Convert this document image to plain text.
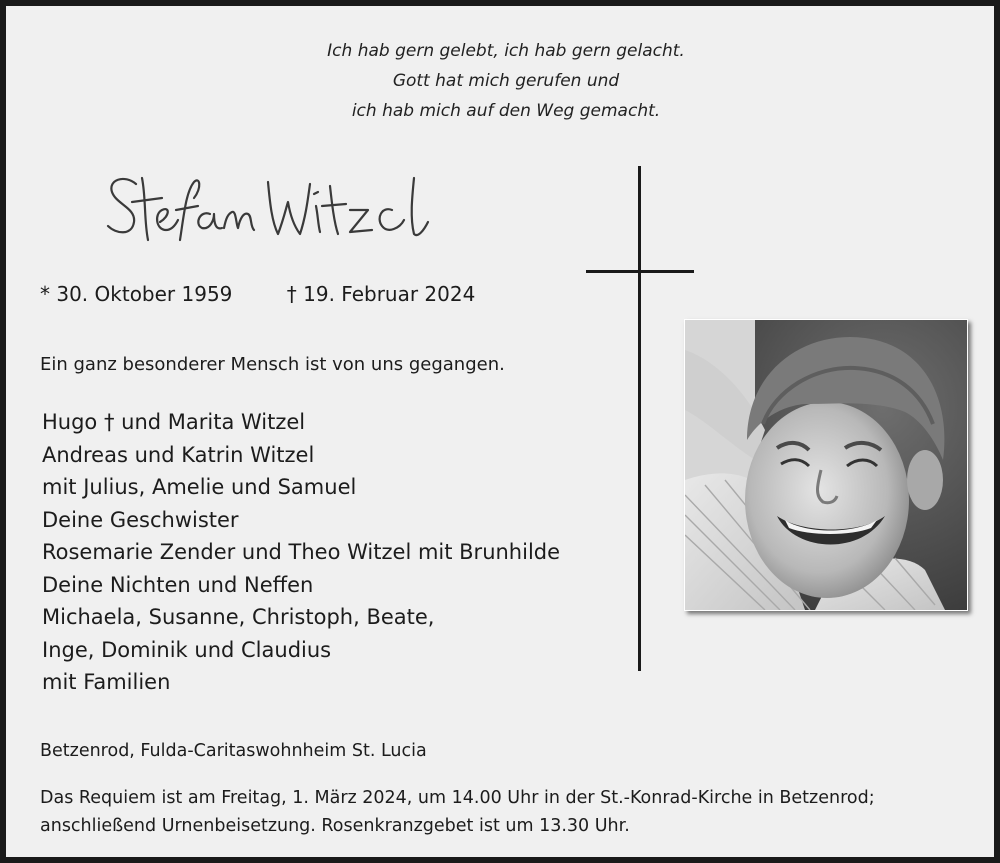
Ich hab gern gelebt, ich hab gern gelacht.
Gott hat mich gerufen und
ich hab mich auf den Weg gemacht.
* 30. Oktober 1959	† 19. Februar 2024
Ein ganz besonderer Mensch ist von uns gegangen.
Hugo † und Marita Witzel
Andreas und Katrin Witzel
mit Julius, Amelie und Samuel
Deine Geschwister
Rosemarie Zender und Theo Witzel mit Brunhilde
Deine Nichten und Neffen
Michaela, Susanne, Christoph, Beate,
Inge, Dominik und Claudius
mit Familien
Betzenrod, Fulda-Caritaswohnheim St. Lucia
Das Requiem ist am Freitag, 1. März 2024, um 14.00 Uhr in der St.-Konrad-Kirche in Betzenrod;
anschließend Urnenbeisetzung. Rosenkranzgebet ist um 13.30 Uhr.
